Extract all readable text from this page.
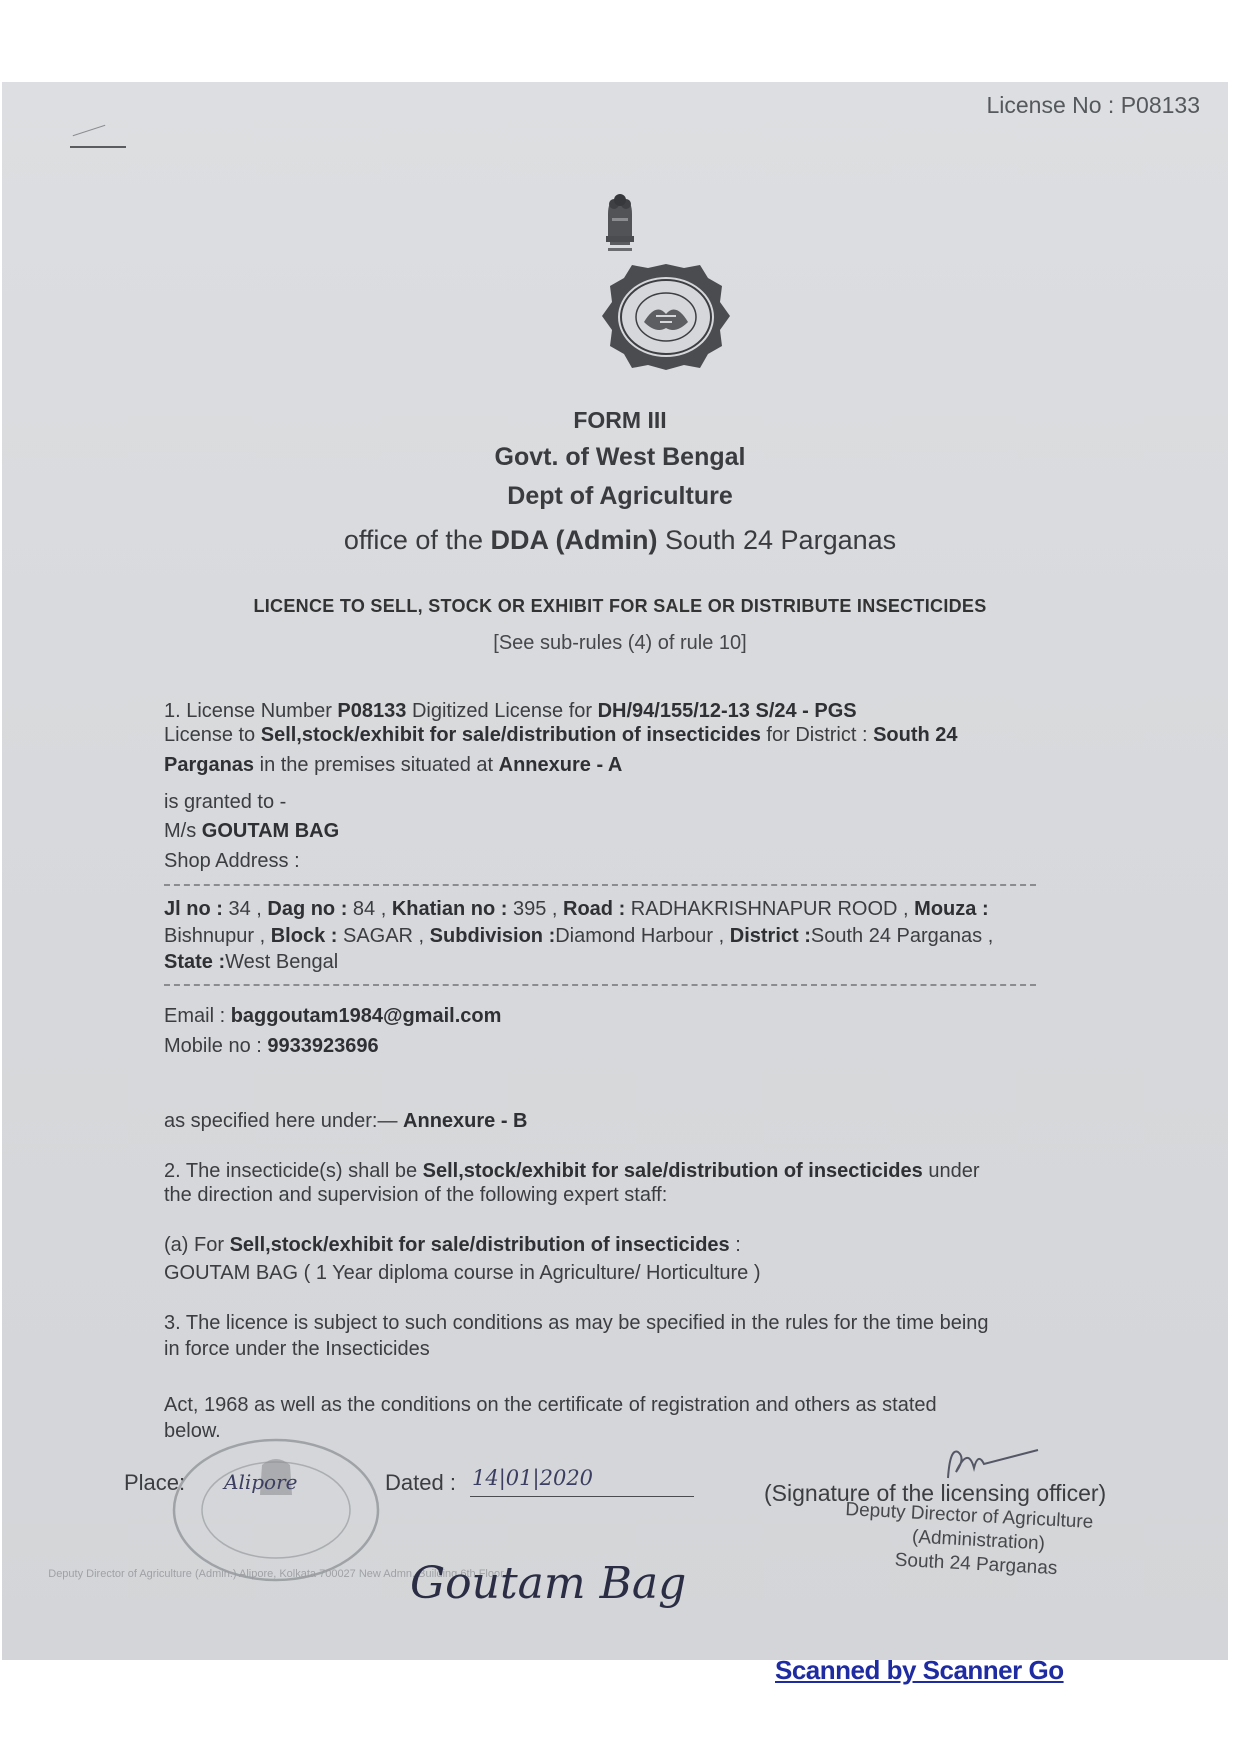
License No : P08133
FORM III
Govt. of West Bengal
Dept of Agriculture
office of the DDA (Admin) South 24 Parganas
LICENCE TO SELL, STOCK OR EXHIBIT FOR SALE OR DISTRIBUTE INSECTICIDES
[See sub-rules (4) of rule 10]
1. License Number P08133 Digitized License for DH/94/155/12-13 S/24 - PGS
License to Sell,stock/exhibit for sale/distribution of insecticides for District : South 24
Parganas in the premises situated at Annexure - A
is granted to -
M/s GOUTAM BAG
Shop Address :
Jl no : 34 , Dag no : 84 , Khatian no : 395 , Road : RADHAKRISHNAPUR ROOD , Mouza :
Bishnupur , Block : SAGAR , Subdivision :Diamond Harbour , District :South 24 Parganas ,
State :West Bengal
Email : baggoutam1984@gmail.com
Mobile no : 9933923696
as specified here under:— Annexure - B
2. The insecticide(s) shall be Sell,stock/exhibit for sale/distribution of insecticides under
the direction and supervision of the following expert staff:
(a) For Sell,stock/exhibit for sale/distribution of insecticides :
GOUTAM BAG ( 1 Year diploma course in Agriculture/ Horticulture )
3. The licence is subject to such conditions as may be specified in the rules for the time being
in force under the Insecticides
Act, 1968 as well as the conditions on the certificate of registration and others as stated
below.
Deputy Director of Agriculture (Admin.) Alipore, Kolkata 700027 New Admn. Building 6th Floor
Place: Alipore	Dated : 14|01|2020
(Signature of the licensing officer)
Deputy Director of Agriculture
(Administration)
South 24 Parganas
Goutam Bag
Scanned by Scanner Go
